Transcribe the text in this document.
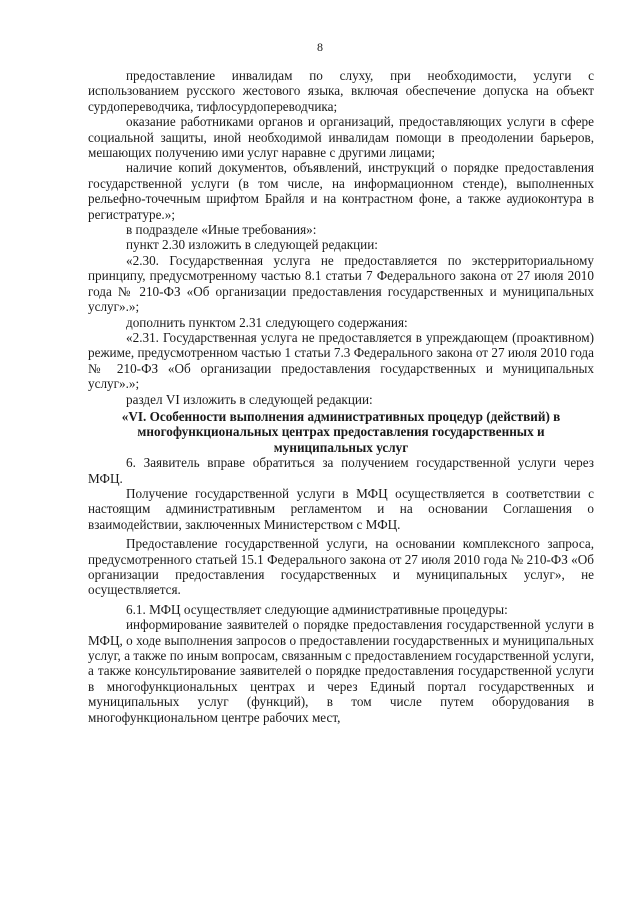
8

предоставление инвалидам по слуху, при необходимости, услуги с использованием русского жестового языка, включая обеспечение допуска на объект сурдопереводчика, тифлосурдопереводчика;

оказание работниками органов и организаций, предоставляющих услуги в сфере социальной защиты, иной необходимой инвалидам помощи в преодолении барьеров, мешающих получению ими услуг наравне с другими лицами;

наличие копий документов, объявлений, инструкций о порядке предоставления государственной услуги (в том числе, на информационном стенде), выполненных рельефно-точечным шрифтом Брайля и на контрастном фоне, а также аудиоконтура в регистратуре.»;

в подразделе «Иные требования»:

пункт 2.30 изложить в следующей редакции:

«2.30. Государственная услуга не предоставляется по экстерриториальному принципу, предусмотренному частью 8.1 статьи 7 Федерального закона от 27 июля 2010 года № 210-ФЗ «Об организации предоставления государственных и муниципальных услуг».»;

дополнить пунктом 2.31 следующего содержания:

«2.31. Государственная услуга не предоставляется в упреждающем (проактивном) режиме, предусмотренном частью 1 статьи 7.3 Федерального закона от 27 июля 2010 года № 210-ФЗ «Об организации предоставления государственных и муниципальных услуг».»;

раздел VI изложить в следующей редакции:

«VI. Особенности выполнения административных процедур (действий) в многофункциональных центрах предоставления государственных и муниципальных услуг

6. Заявитель вправе обратиться за получением государственной услуги через МФЦ.

Получение государственной услуги в МФЦ осуществляется в соответствии с настоящим административным регламентом и на основании Соглашения о взаимодействии, заключенных Министерством с МФЦ.

Предоставление государственной услуги, на основании комплексного запроса, предусмотренного статьей 15.1 Федерального закона от 27 июля 2010 года № 210-ФЗ «Об организации предоставления государственных и муниципальных услуг», не осуществляется.

6.1. МФЦ осуществляет следующие административные процедуры:

информирование заявителей о порядке предоставления государственной услуги в МФЦ, о ходе выполнения запросов о предоставлении государственных и муниципальных услуг, а также по иным вопросам, связанным с предоставлением государственной услуги, а также консультирование заявителей о порядке предоставления государственной услуги в многофункциональных центрах и через Единый портал государственных и муниципальных услуг (функций), в том числе путем оборудования в многофункциональном центре рабочих мест,
